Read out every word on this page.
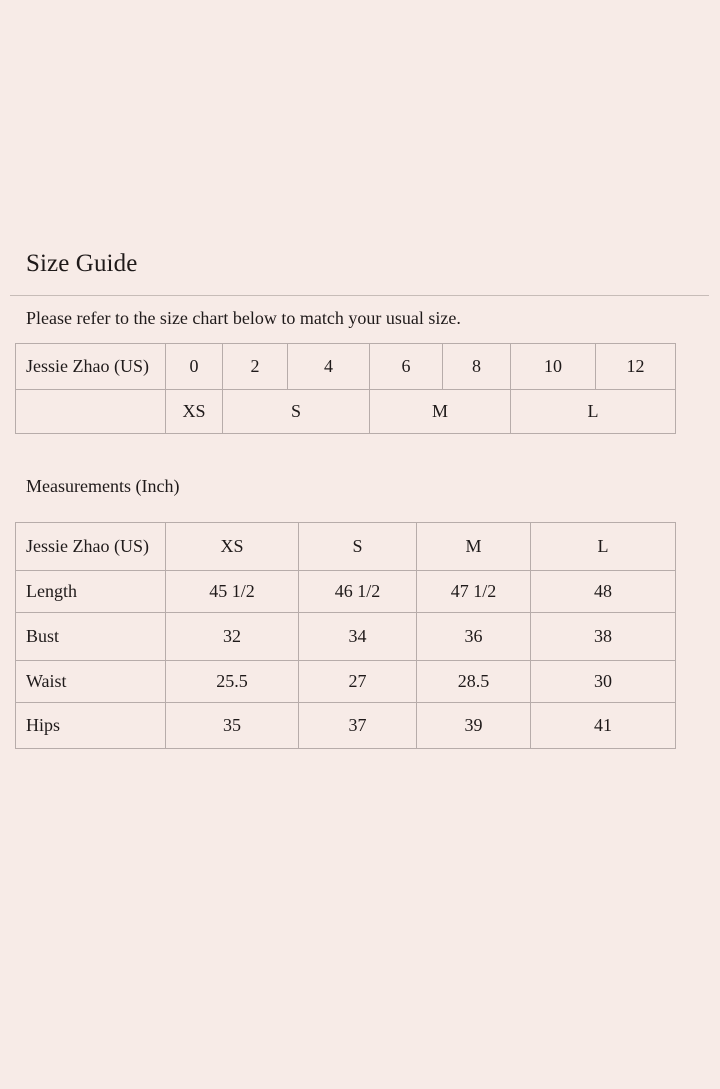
Size Guide

Please refer to the size chart below to match your usual size.

Jessie Zhao (US)	0	2	4	6	8	10	12
	XS	S		M		L	

Measurements (Inch)

Jessie Zhao (US)	XS	S	M	L
Length	45 1/2	46 1/2	47 1/2	48
Bust	32	34	36	38
Waist	25.5	27	28.5	30
Hips	35	37	39	41
